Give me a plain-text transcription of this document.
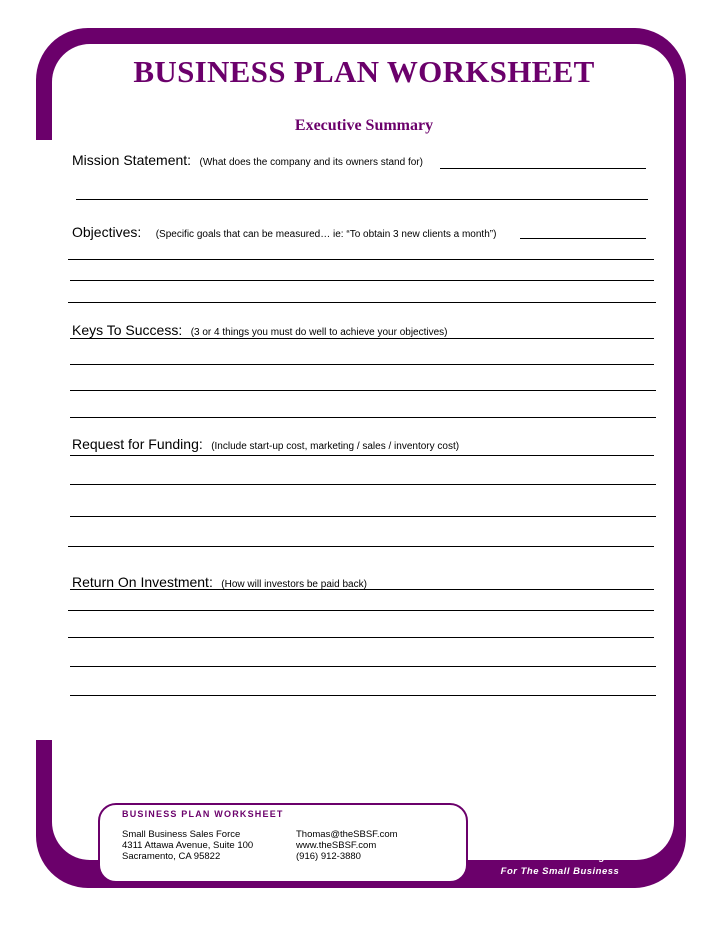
BUSINESS PLAN WORKSHEET
Executive Summary
Mission Statement: (What does the company and its owners stand for)
Objectives: (Specific goals that can be measured… ie: “To obtain 3 new clients a month”)
Keys To Success: (3 or 4 things you must do well to achieve your objectives)
Request for Funding: (Include start-up cost, marketing / sales / inventory cost)
Return On Investment: (How will investors be paid back)
BUSINESS PLAN WORKSHEET
Small Business Sales Force
4311 Attawa Avenue, Suite 100
Sacramento, CA 95822
Thomas@theSBSF.com
www.theSBSF.com
(916) 912-3880
Professional
Sales & Marketing
For The Small Business
